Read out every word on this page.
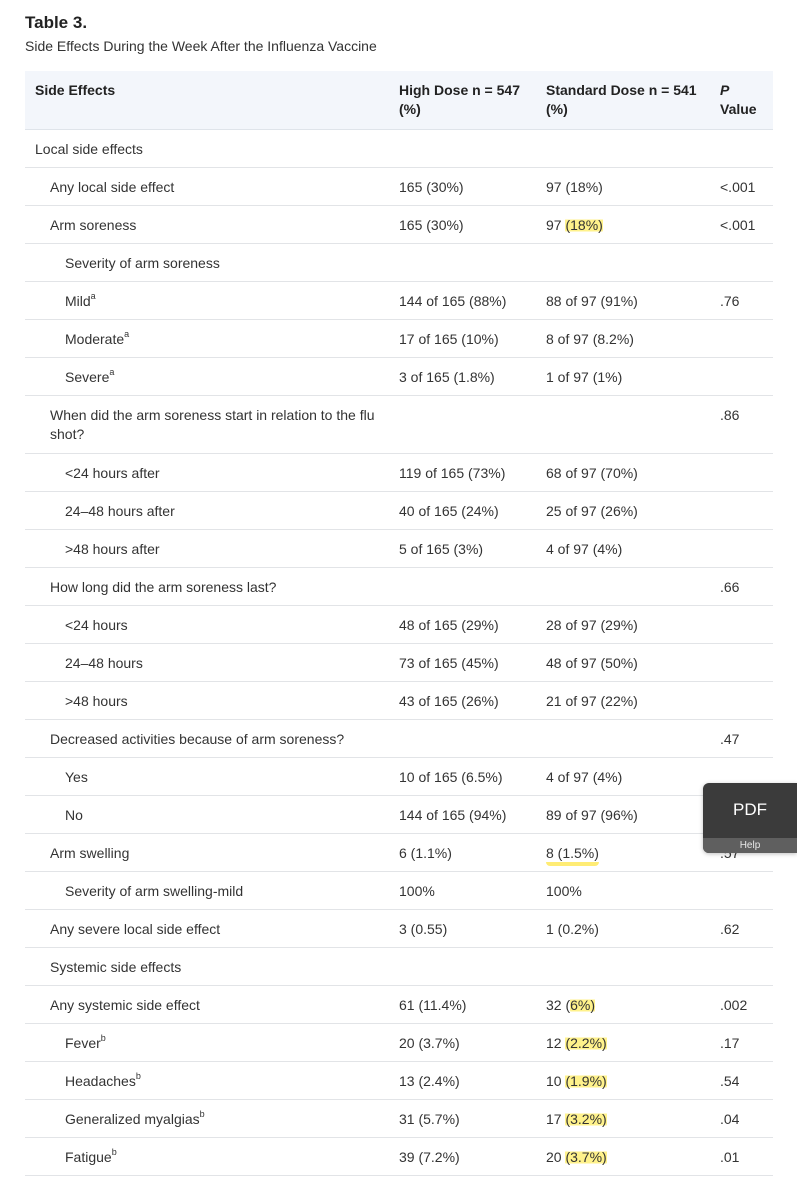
Table 3.
Side Effects During the Week After the Influenza Vaccine
Side Effects	High Dose n = 547 (%)	Standard Dose n = 541 (%)	P
Value
Local side effects			
Any local side effect	165 (30%)	97 (18%)	<.001
Arm soreness	165 (30%)	97 (18%)	<.001
Severity of arm soreness			
Mild$^a$	144 of 165 (88%)	88 of 97 (91%)	.76
Moderate$^a$	17 of 165 (10%)	8 of 97 (8.2%)	
Severe$^a$	3 of 165 (1.8%)	1 of 97 (1%)	
When did the arm soreness start in relation to the flu shot?			.86
<24 hours after	119 of 165 (73%)	68 of 97 (70%)	
24–48 hours after	40 of 165 (24%)	25 of 97 (26%)	
>48 hours after	5 of 165 (3%)	4 of 97 (4%)	
How long did the arm soreness last?			.66
<24 hours	48 of 165 (29%)	28 of 97 (29%)	
24–48 hours	73 of 165 (45%)	48 of 97 (50%)	
>48 hours	43 of 165 (26%)	21 of 97 (22%)	
Decreased activities because of arm soreness?			.47
Yes	10 of 165 (6.5%)	4 of 97 (4%)	
No	144 of 165 (94%)	89 of 97 (96%)	
Arm swelling	6 (1.1%)	8 (1.5%)	
Severity of arm swelling-mild	100%	100%	
Any severe local side effect	3 (0.55)	1 (0.2%)	.62
Systemic side effects			
Any systemic side effect	61 (11.4%)	32 (6%)	.002
Fever$^b$	20 (3.7%)	12 (2.2%)	.17
Headaches$^b$	13 (2.4%)	10 (1.9%)	.54
Generalized myalgias$^b$	31 (5.7%)	17 (3.2%)	.04
Fatigue$^b$	39 (7.2%)	20 (3.7%)	.01
PDF
Help
